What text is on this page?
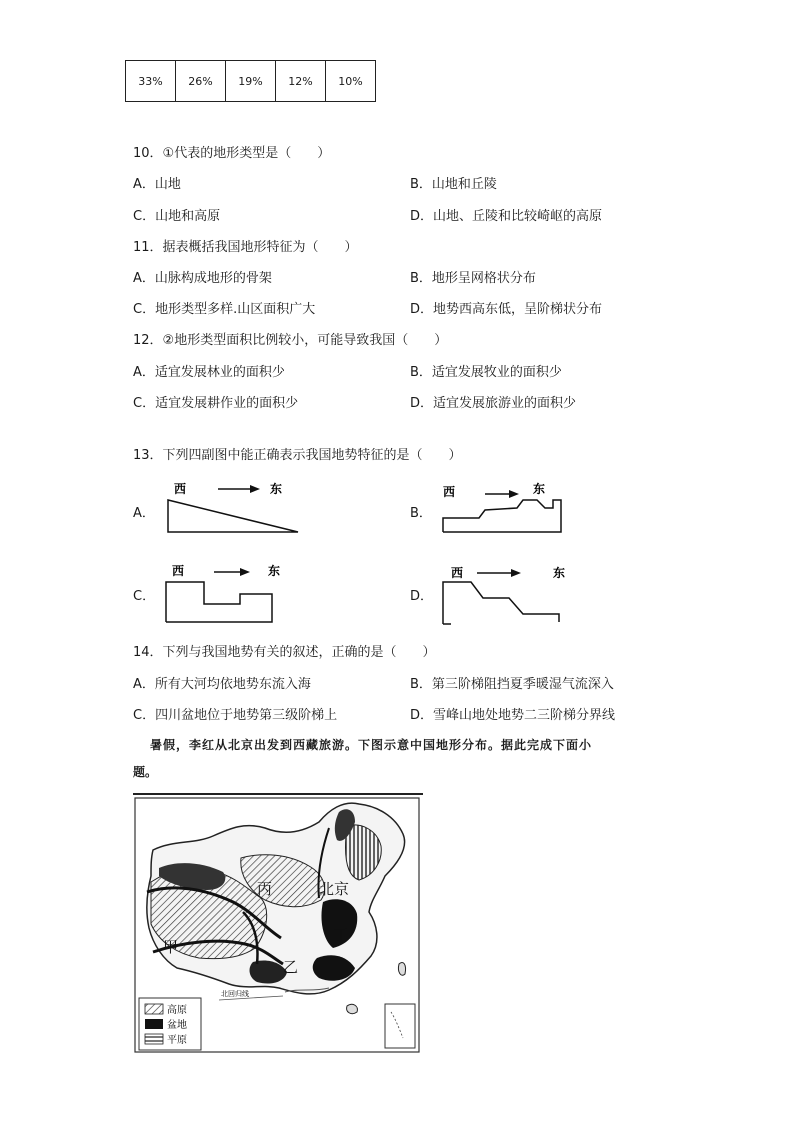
33%	26%	19%	12%	10%
10．①代表的地形类型是（　　）
A．山地	B．山地和丘陵
C．山地和高原	D．山地、丘陵和比较崎岖的高原
11．据表概括我国地形特征为（　　）
A．山脉构成地形的骨架	B．地形呈网格状分布
C．地形类型多样.山区面积广大	D．地势西高东低，呈阶梯状分布
12．②地形类型面积比例较小，可能导致我国（　　）
A．适宜发展林业的面积少	B．适宜发展牧业的面积少
C．适宜发展耕作业的面积少	D．适宜发展旅游业的面积少
13．下列四副图中能正确表示我国地势特征的是（　　）
A．
西	东
B．
西	东
C．
西	东
D．
西	东
14．下列与我国地势有关的叙述，正确的是（　　）
A．所有大河均依地势东流入海	B．第三阶梯阻挡夏季暖湿气流深入
C．四川盆地位于地势第三级阶梯上	D．雪峰山地处地势二三阶梯分界线
暑假，李红从北京出发到西藏旅游。下图示意中国地形分布。据此完成下面小
题。
北回归线
丙	北京
丁
甲
乙
高原
盆地
平原
